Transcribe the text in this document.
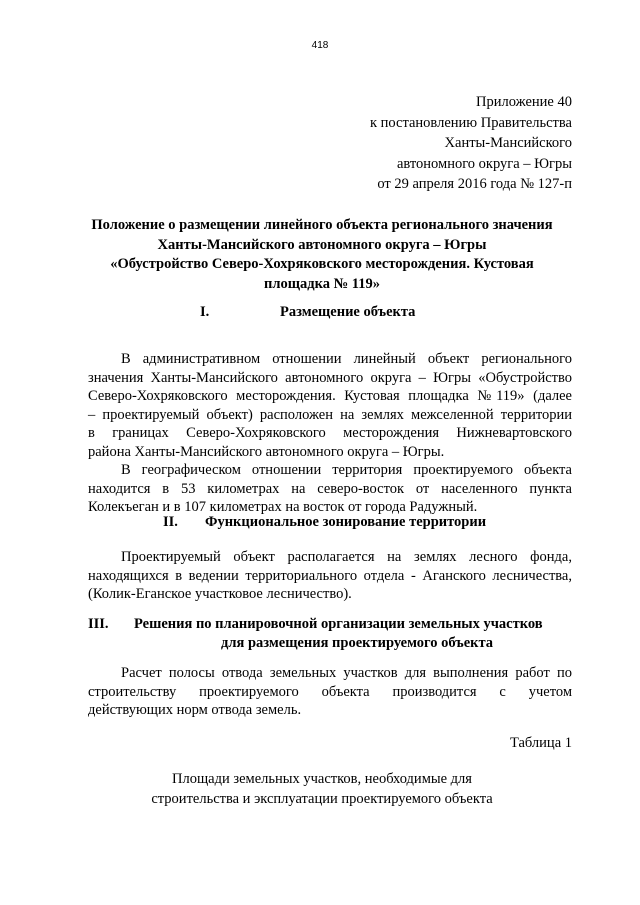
418
Приложение 40
к постановлению Правительства
Ханты-Мансийского
автономного округа – Югры
от 29 апреля 2016 года № 127-п
Положение о размещении линейного объекта регионального значения
Ханты-Мансийского автономного округа – Югры
«Обустройство Северо-Хохряковского месторождения. Кустовая
площадка № 119»
I.	Размещение объекта
В административном отношении линейный объект регионального
значения Ханты-Мансийского автономного округа – Югры «Обустройство
Северо-Хохряковского месторождения. Кустовая площадка №119» (далее
– проектируемый объект) расположен на землях межселенной территории
в границах Северо-Хохряковского месторождения Нижневартовского
района Ханты-Мансийского автономного округа – Югры.
В географическом отношении территория проектируемого объекта
находится в 53 километрах на северо-восток от населенного пункта
Колекъеган и в 107 километрах на восток от города Радужный.
II. Функциональное зонирование территории
Проектируемый объект располагается на землях лесного фонда,
находящихся в ведении территориального отдела - Аганского лесничества,
(Колик-Еганское участковое лесничество).
III. Решения по планировочной организации земельных участков
для размещения проектируемого объекта
Расчет полосы отвода земельных участков для выполнения работ по
строительству проектируемого объекта производится с учетом
действующих норм отвода земель.
Таблица 1
Площади земельных участков, необходимые для
строительства и эксплуатации проектируемого объекта
